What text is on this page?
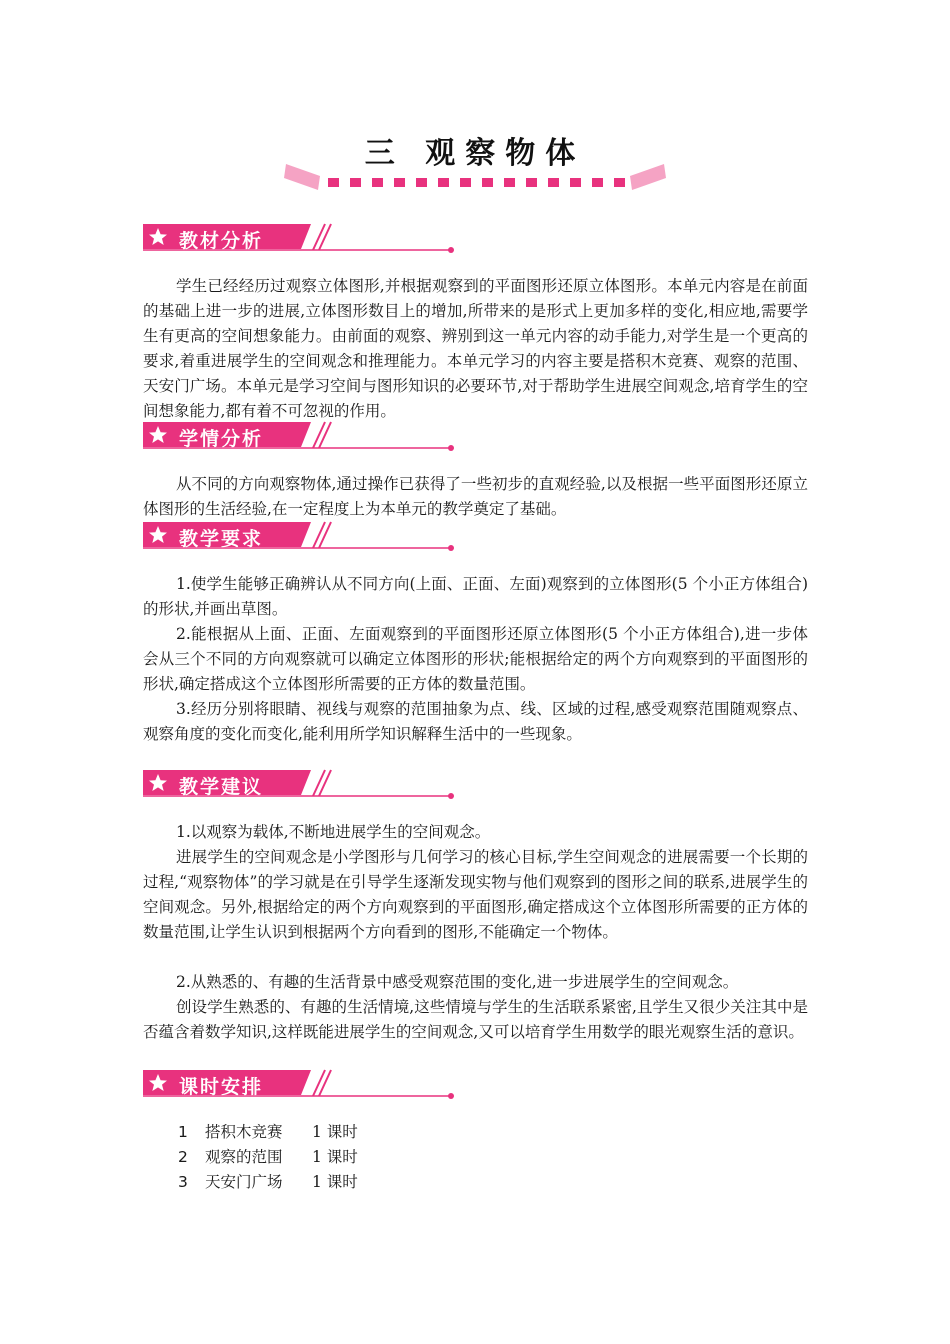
三 观察物体
教材分析
学生已经经历过观察立体图形,并根据观察到的平面图形还原立体图形。本单元内容是在前面的基础上进一步的进展,立体图形数目上的增加,所带来的是形式上更加多样的变化,相应地,需要学生有更高的空间想象能力。由前面的观察、辨别到这一单元内容的动手能力,对学生是一个更高的要求,着重进展学生的空间观念和推理能力。本单元学习的内容主要是搭积木竞赛、观察的范围、天安门广场。本单元是学习空间与图形知识的必要环节,对于帮助学生进展空间观念,培育学生的空间想象能力,都有着不可忽视的作用。
学情分析
从不同的方向观察物体,通过操作已获得了一些初步的直观经验,以及根据一些平面图形还原立体图形的生活经验,在一定程度上为本单元的教学奠定了基础。
教学要求
1.使学生能够正确辨认从不同方向(上面、正面、左面)观察到的立体图形(5 个小正方体组合)的形状,并画出草图。
2.能根据从上面、正面、左面观察到的平面图形还原立体图形(5 个小正方体组合),进一步体会从三个不同的方向观察就可以确定立体图形的形状;能根据给定的两个方向观察到的平面图形的形状,确定搭成这个立体图形所需要的正方体的数量范围。
3.经历分别将眼睛、视线与观察的范围抽象为点、线、区域的过程,感受观察范围随观察点、观察角度的变化而变化,能利用所学知识解释生活中的一些现象。
教学建议
1.以观察为载体,不断地进展学生的空间观念。
进展学生的空间观念是小学图形与几何学习的核心目标,学生空间观念的进展需要一个长期的过程,“观察物体”的学习就是在引导学生逐渐发现实物与他们观察到的图形之间的联系,进展学生的空间观念。另外,根据给定的两个方向观察到的平面图形,确定搭成这个立体图形所需要的正方体的数量范围,让学生认识到根据两个方向看到的图形,不能确定一个物体。
2.从熟悉的、有趣的生活背景中感受观察范围的变化,进一步进展学生的空间观念。
创设学生熟悉的、有趣的生活情境,这些情境与学生的生活联系紧密,且学生又很少关注其中是否蕴含着数学知识,这样既能进展学生的空间观念,又可以培育学生用数学的眼光观察生活的意识。
课时安排
1	搭积木竞赛	1 课时
2	观察的范围	1 课时
3	天安门广场	1 课时
